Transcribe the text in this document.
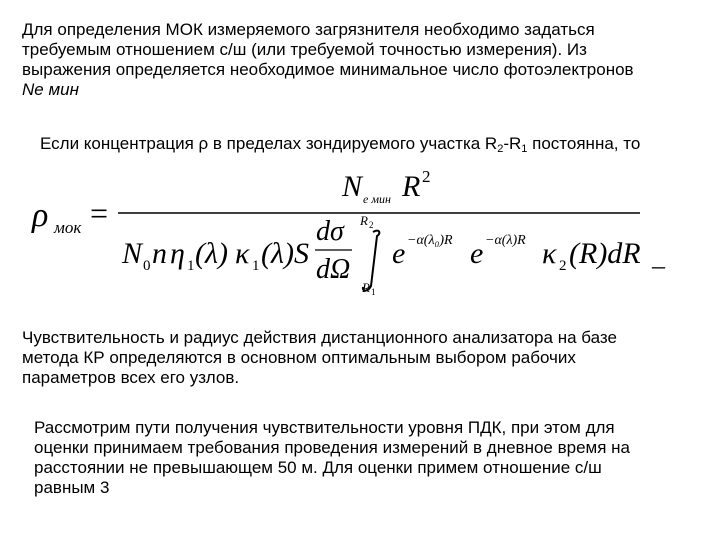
Для определения МОК измеряемого загрязнителя необходимо задаться
требуемым отношением с/ш (или требуемой точностью измерения). Из
выражения определяется необходимое минимальное число фотоэлектронов
Nе мин

Если концентрация ρ в пределах зондируемого участка $R_2-R_1$ постоянна, то

ρ мок =
N е мин R 2
N 0 n η 1 (λ) κ 1 (λ)S
dσ
dΩ
R 2
R 1
e −α(λ₀)R e −α(λ)R κ 2 (R)dR _

Чувствительность и радиус действия дистанционного анализатора на базе
метода КР определяются в основном оптимальным выбором рабочих
параметров всех его узлов.

Рассмотрим пути получения чувствительности уровня ПДК, при этом для
оценки принимаем требования проведения измерений в дневное время на
расстоянии не превышающем 50 м. Для оценки примем отношение с/ш
равным 3
